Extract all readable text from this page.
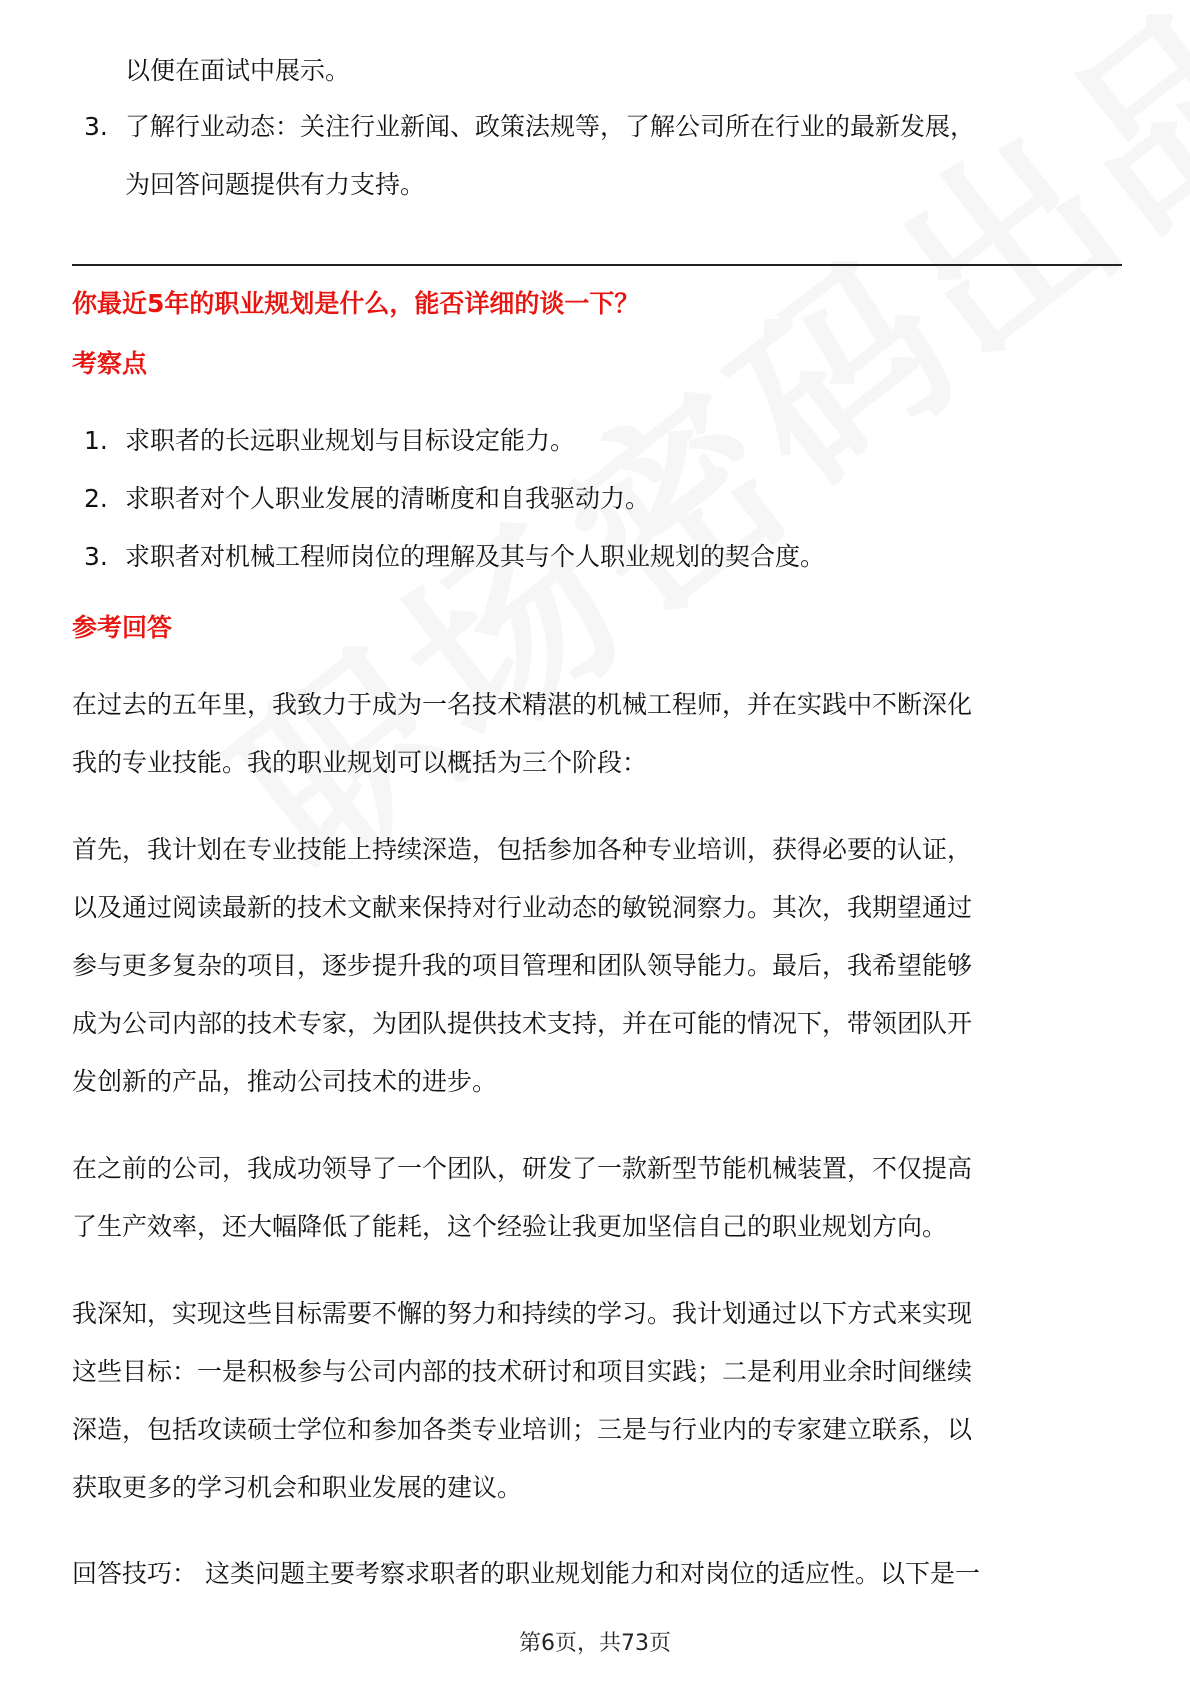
以便在面试中展示。
3. 了解行业动态：关注行业新闻、政策法规等，了解公司所在行业的最新发展，
为回答问题提供有力支持。
你最近5年的职业规划是什么，能否详细的谈一下？
考察点
1. 求职者的长远职业规划与目标设定能力。
2. 求职者对个人职业发展的清晰度和自我驱动力。
3. 求职者对机械工程师岗位的理解及其与个人职业规划的契合度。
参考回答
在过去的五年里，我致力于成为一名技术精湛的机械工程师，并在实践中不断深化
我的专业技能。我的职业规划可以概括为三个阶段：
首先，我计划在专业技能上持续深造，包括参加各种专业培训，获得必要的认证，
以及通过阅读最新的技术文献来保持对行业动态的敏锐洞察力。其次，我期望通过
参与更多复杂的项目，逐步提升我的项目管理和团队领导能力。最后，我希望能够
成为公司内部的技术专家，为团队提供技术支持，并在可能的情况下，带领团队开
发创新的产品，推动公司技术的进步。
在之前的公司，我成功领导了一个团队，研发了一款新型节能机械装置，不仅提高
了生产效率，还大幅降低了能耗，这个经验让我更加坚信自己的职业规划方向。
我深知，实现这些目标需要不懈的努力和持续的学习。我计划通过以下方式来实现
这些目标：一是积极参与公司内部的技术研讨和项目实践；二是利用业余时间继续
深造，包括攻读硕士学位和参加各类专业培训；三是与行业内的专家建立联系，以
获取更多的学习机会和职业发展的建议。
回答技巧： 这类问题主要考察求职者的职业规划能力和对岗位的适应性。以下是一
第6页，共73页
